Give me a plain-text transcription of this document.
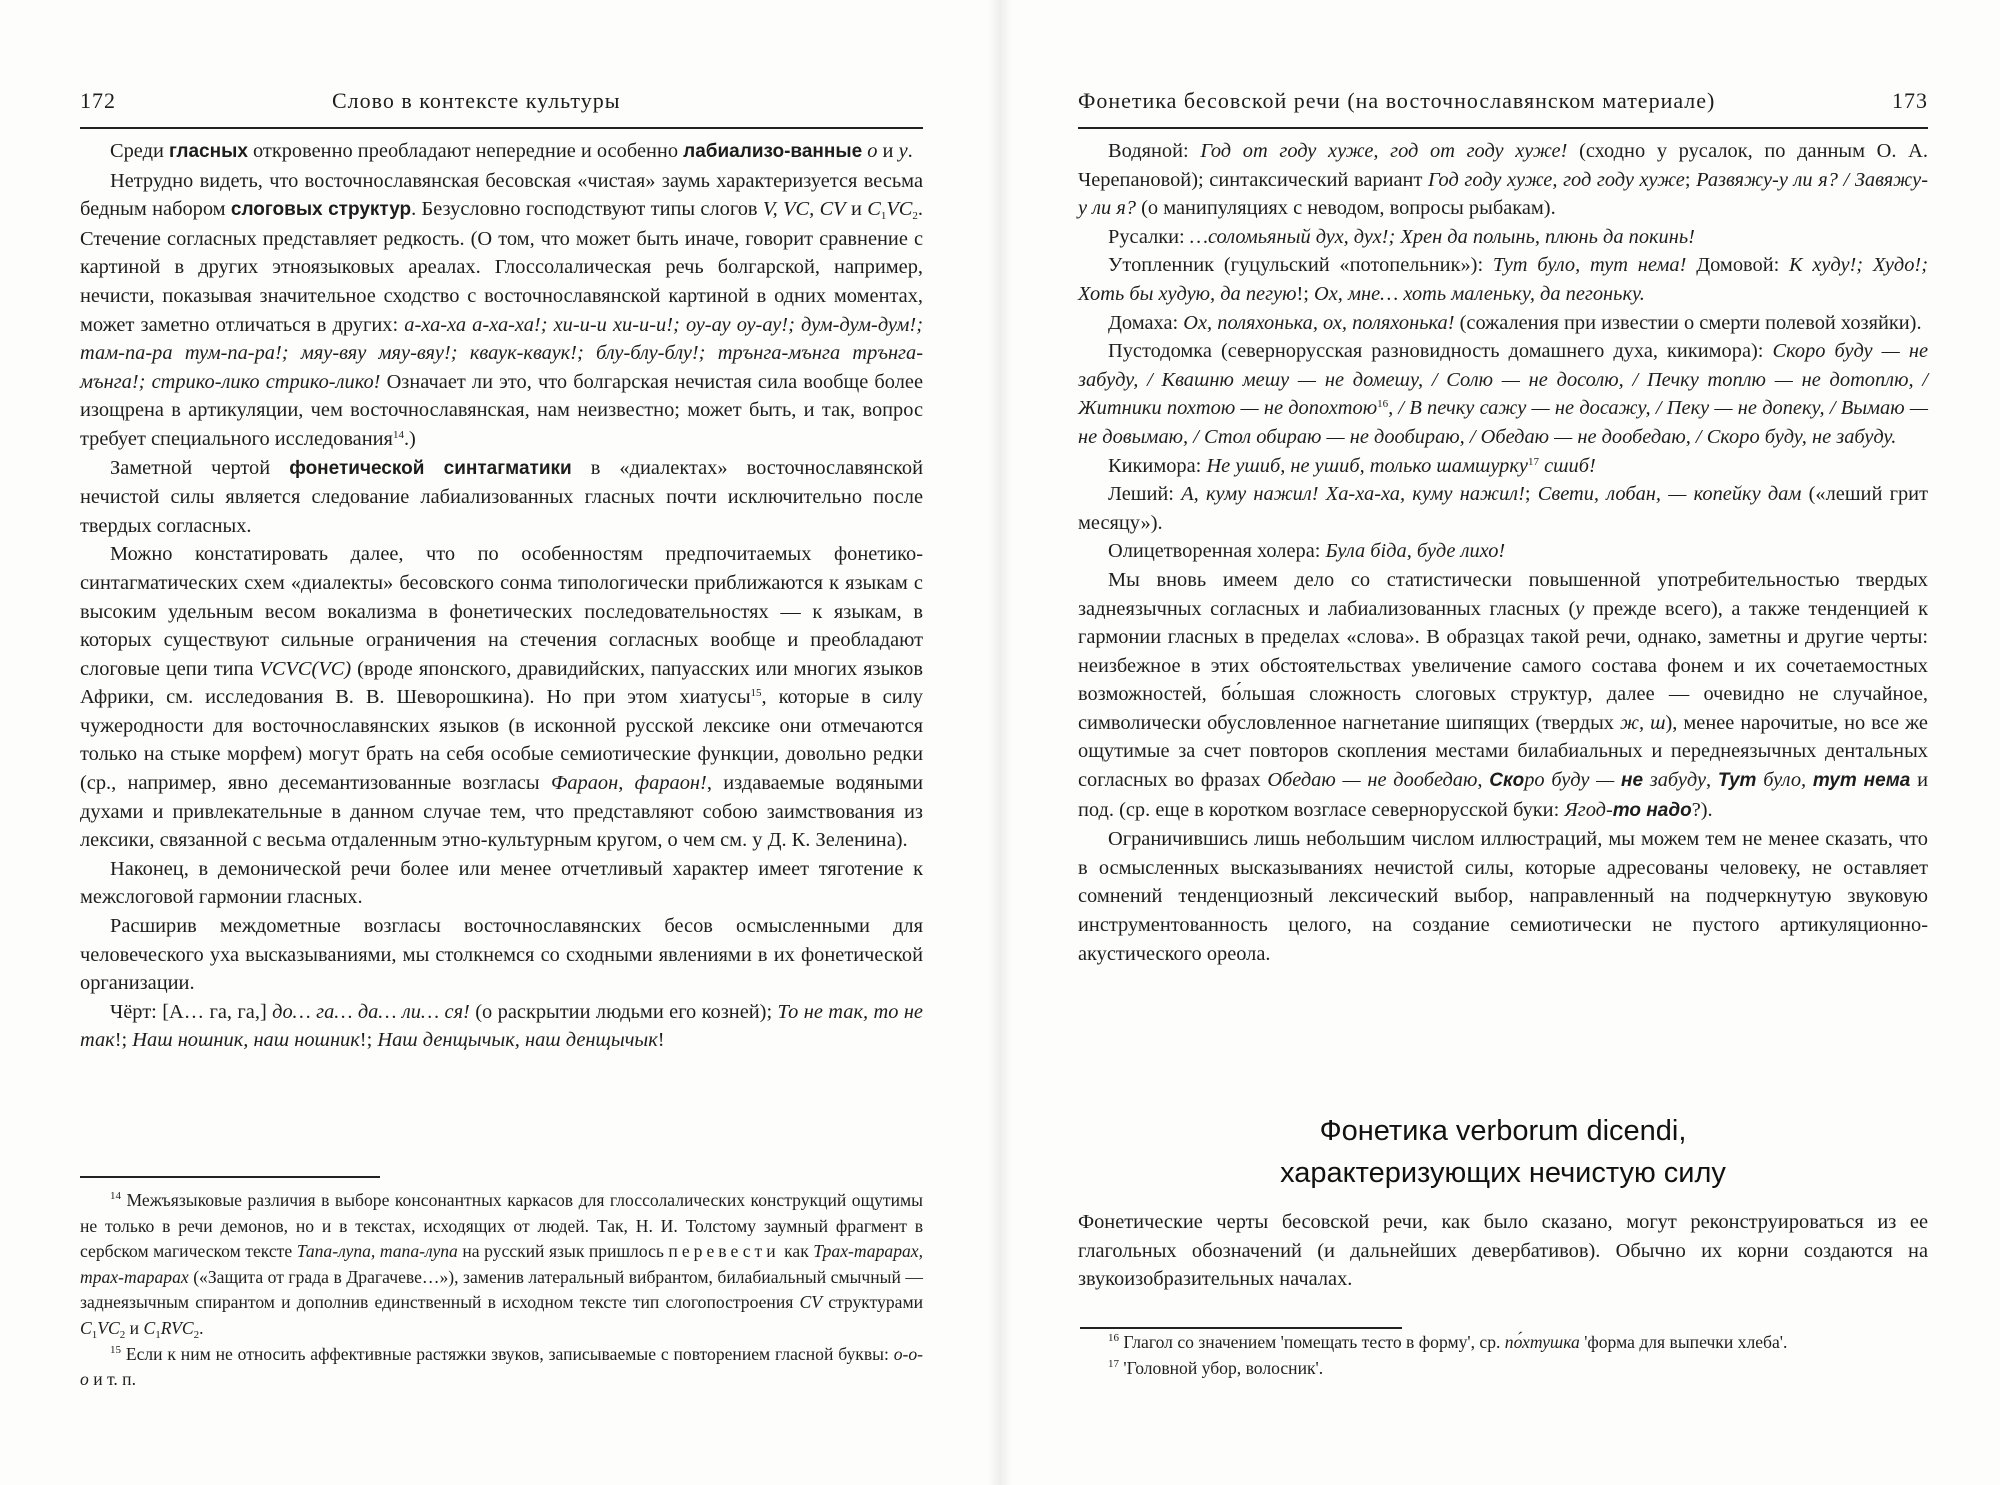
172	Слово в контексте культуры

Среди гласных откровенно преобладают непередние и особенно лабиализо-ванные о и у.

Нетрудно видеть, что восточнославянская бесовская «чистая» заумь характеризуется весьма бедным набором слоговых структур. Безусловно господствуют типы слогов V, VC, CV и $C_1VC_2$. Стечение согласных представляет редкость. (О том, что может быть иначе, говорит сравнение с картиной в других этноязыковых ареалах. Глоссолалическая речь болгарской, например, нечисти, показывая значительное сходство с восточнославянской картиной в одних моментах, может заметно отличаться в других: а-ха-ха а-ха-ха!; хи-и-и хи-и-и!; оу-ау оу-ау!; дум-дум-дум!; там-па-ра тум-па-ра!; мяу-вяу мяу-вяу!; кваук-кваук!; блу-блу-блу!; трънга-мънга трънга-мънга!; стрико-лико стрико-лико! Означает ли это, что болгарская нечистая сила вообще более изощрена в артикуляции, чем восточнославянская, нам неизвестно; может быть, и так, вопрос требует специального исследования$^{14}$.)

Заметной чертой фонетической синтагматики в «диалектах» восточнославянской нечистой силы является следование лабиализованных гласных почти исключительно после твердых согласных.

Можно констатировать далее, что по особенностям предпочитаемых фонетико-синтагматических схем «диалекты» бесовского сонма типологически приближаются к языкам с высоким удельным весом вокализма в фонетических последовательностях — к языкам, в которых существуют сильные ограничения на стечения согласных вообще и преобладают слоговые цепи типа VCVC(VC) (вроде японского, дравидийских, папуасских или многих языков Африки, см. исследования В. В. Шеворошкина). Но при этом хиатусы$^{15}$, которые в силу чужеродности для восточнославянских языков (в исконной русской лексике они отмечаются только на стыке морфем) могут брать на себя особые семиотические функции, довольно редки (ср., например, явно десемантизованные возгласы Фараон, фараон!, издаваемые водяными духами и привлекательные в данном случае тем, что представляют собою заимствования из лексики, связанной с весьма отдаленным этно-культурным кругом, о чем см. у Д. К. Зеленина).

Наконец, в демонической речи более или менее отчетливый характер имеет тяготение к межслоговой гармонии гласных.

Расширив междометные возгласы восточнославянских бесов осмысленными для человеческого уха высказываниями, мы столкнемся со сходными явлениями в их фонетической организации.

Чёрт: [А… га, га,] до… га… да… ли… ся! (о раскрытии людьми его козней); То не так, то не так!; Наш ношник, наш ношник!; Наш денщычык, наш денщычык!

$^{14}$ Межъязыковые различия в выборе консонантных каркасов для глоссолалических конструкций ощутимы не только в речи демонов, но и в текстах, исходящих от людей. Так, Н. И. Толстому заумный фрагмент в сербском магическом тексте Тапа-лупа, тапа-лупа на русский язык пришлось перевести как Трах-тарарах, трах-тарарах («Защита от града в Драгачеве…»), заменив латеральный вибрантом, билабиальный смычный — заднеязычным спирантом и дополнив единственный в исходном тексте тип слогопостроения CV структурами $C_1VC_2$ и $C_1RVC_2$.

$^{15}$ Если к ним не относить аффективные растяжки звуков, записываемые с повторением гласной буквы: о-о-о и т. п.

Фонетика бесовской речи (на восточнославянском материале)	173

Водяной: Год от году хуже, год от году хуже! (сходно у русалок, по данным О. А. Черепановой); синтаксический вариант Год году хуже, год году хуже; Развяжу-у ли я? / Завяжу-у ли я? (о манипуляциях с неводом, вопросы рыбакам).

Русалки: …соломьяный дух, дух!; Хрен да полынь, плюнь да покинь!

Утопленник (гуцульский «потопельник»): Тут було, тут нема! Домовой: К худу!; Худо!; Хоть бы худую, да пегую!; Ох, мне… хоть маленьку, да пегоньку.

Домаха: Ох, поляхонька, ох, поляхонька! (сожаления при известии о смерти полевой хозяйки).

Пустодомка (севернорусская разновидность домашнего духа, кикимора): Скоро буду — не забуду, / Квашню мешу — не домешу, / Солю — не досолю, / Печку топлю — не дотоплю, / Житники похтою — не допохтою$^{16}$, / В печку сажу — не досажу, / Пеку — не допеку, / Вымаю — не довымаю, / Стол обираю — не дообираю, / Обедаю — не дообедаю, / Скоро буду, не забуду.

Кикимора: Не ушиб, не ушиб, только шамшурку$^{17}$ сшиб!

Леший: А, куму нажил! Ха-ха-ха, куму нажил!; Свети, лобан, — копейку дам («леший грит месяцу»).

Олицетворенная холера: Була біда, буде лихо!

Мы вновь имеем дело со статистически повышенной употребительностью твердых заднеязычных согласных и лабиализованных гласных (у прежде всего), а также тенденцией к гармонии гласных в пределах «слова». В образцах такой речи, однако, заметны и другие черты: неизбежное в этих обстоятельствах увеличение самого состава фонем и их сочетаемостных возможностей, бо́льшая сложность слоговых структур, далее — очевидно не случайное, символически обусловленное нагнетание шипящих (твердых ж, ш), менее нарочитые, но все же ощутимые за счет повторов скопления местами билабиальных и переднеязычных дентальных согласных во фразах Обедаю — не дообедаю, Скоро буду — не забуду, Тут було, тут нема и под. (ср. еще в коротком возгласе севернорусской буки: Ягод-то надо?).

Ограничившись лишь небольшим числом иллюстраций, мы можем тем не менее сказать, что в осмысленных высказываниях нечистой силы, которые адресованы человеку, не оставляет сомнений тенденциозный лексический выбор, направленный на подчеркнутую звуковую инструментованность целого, на создание семиотически не пустого артикуляционно-акустического ореола.

Фонетика verborum dicendi,
характеризующих нечистую силу

Фонетические черты бесовской речи, как было сказано, могут реконструироваться из ее глагольных обозначений (и дальнейших девербативов). Обычно их корни создаются на звукоизобразительных началах.

$^{16}$ Глагол со значением 'помещать тесто в форму', ср. по́хтушка 'форма для выпечки хлеба'.

$^{17}$ 'Головной убор, волосник'.
